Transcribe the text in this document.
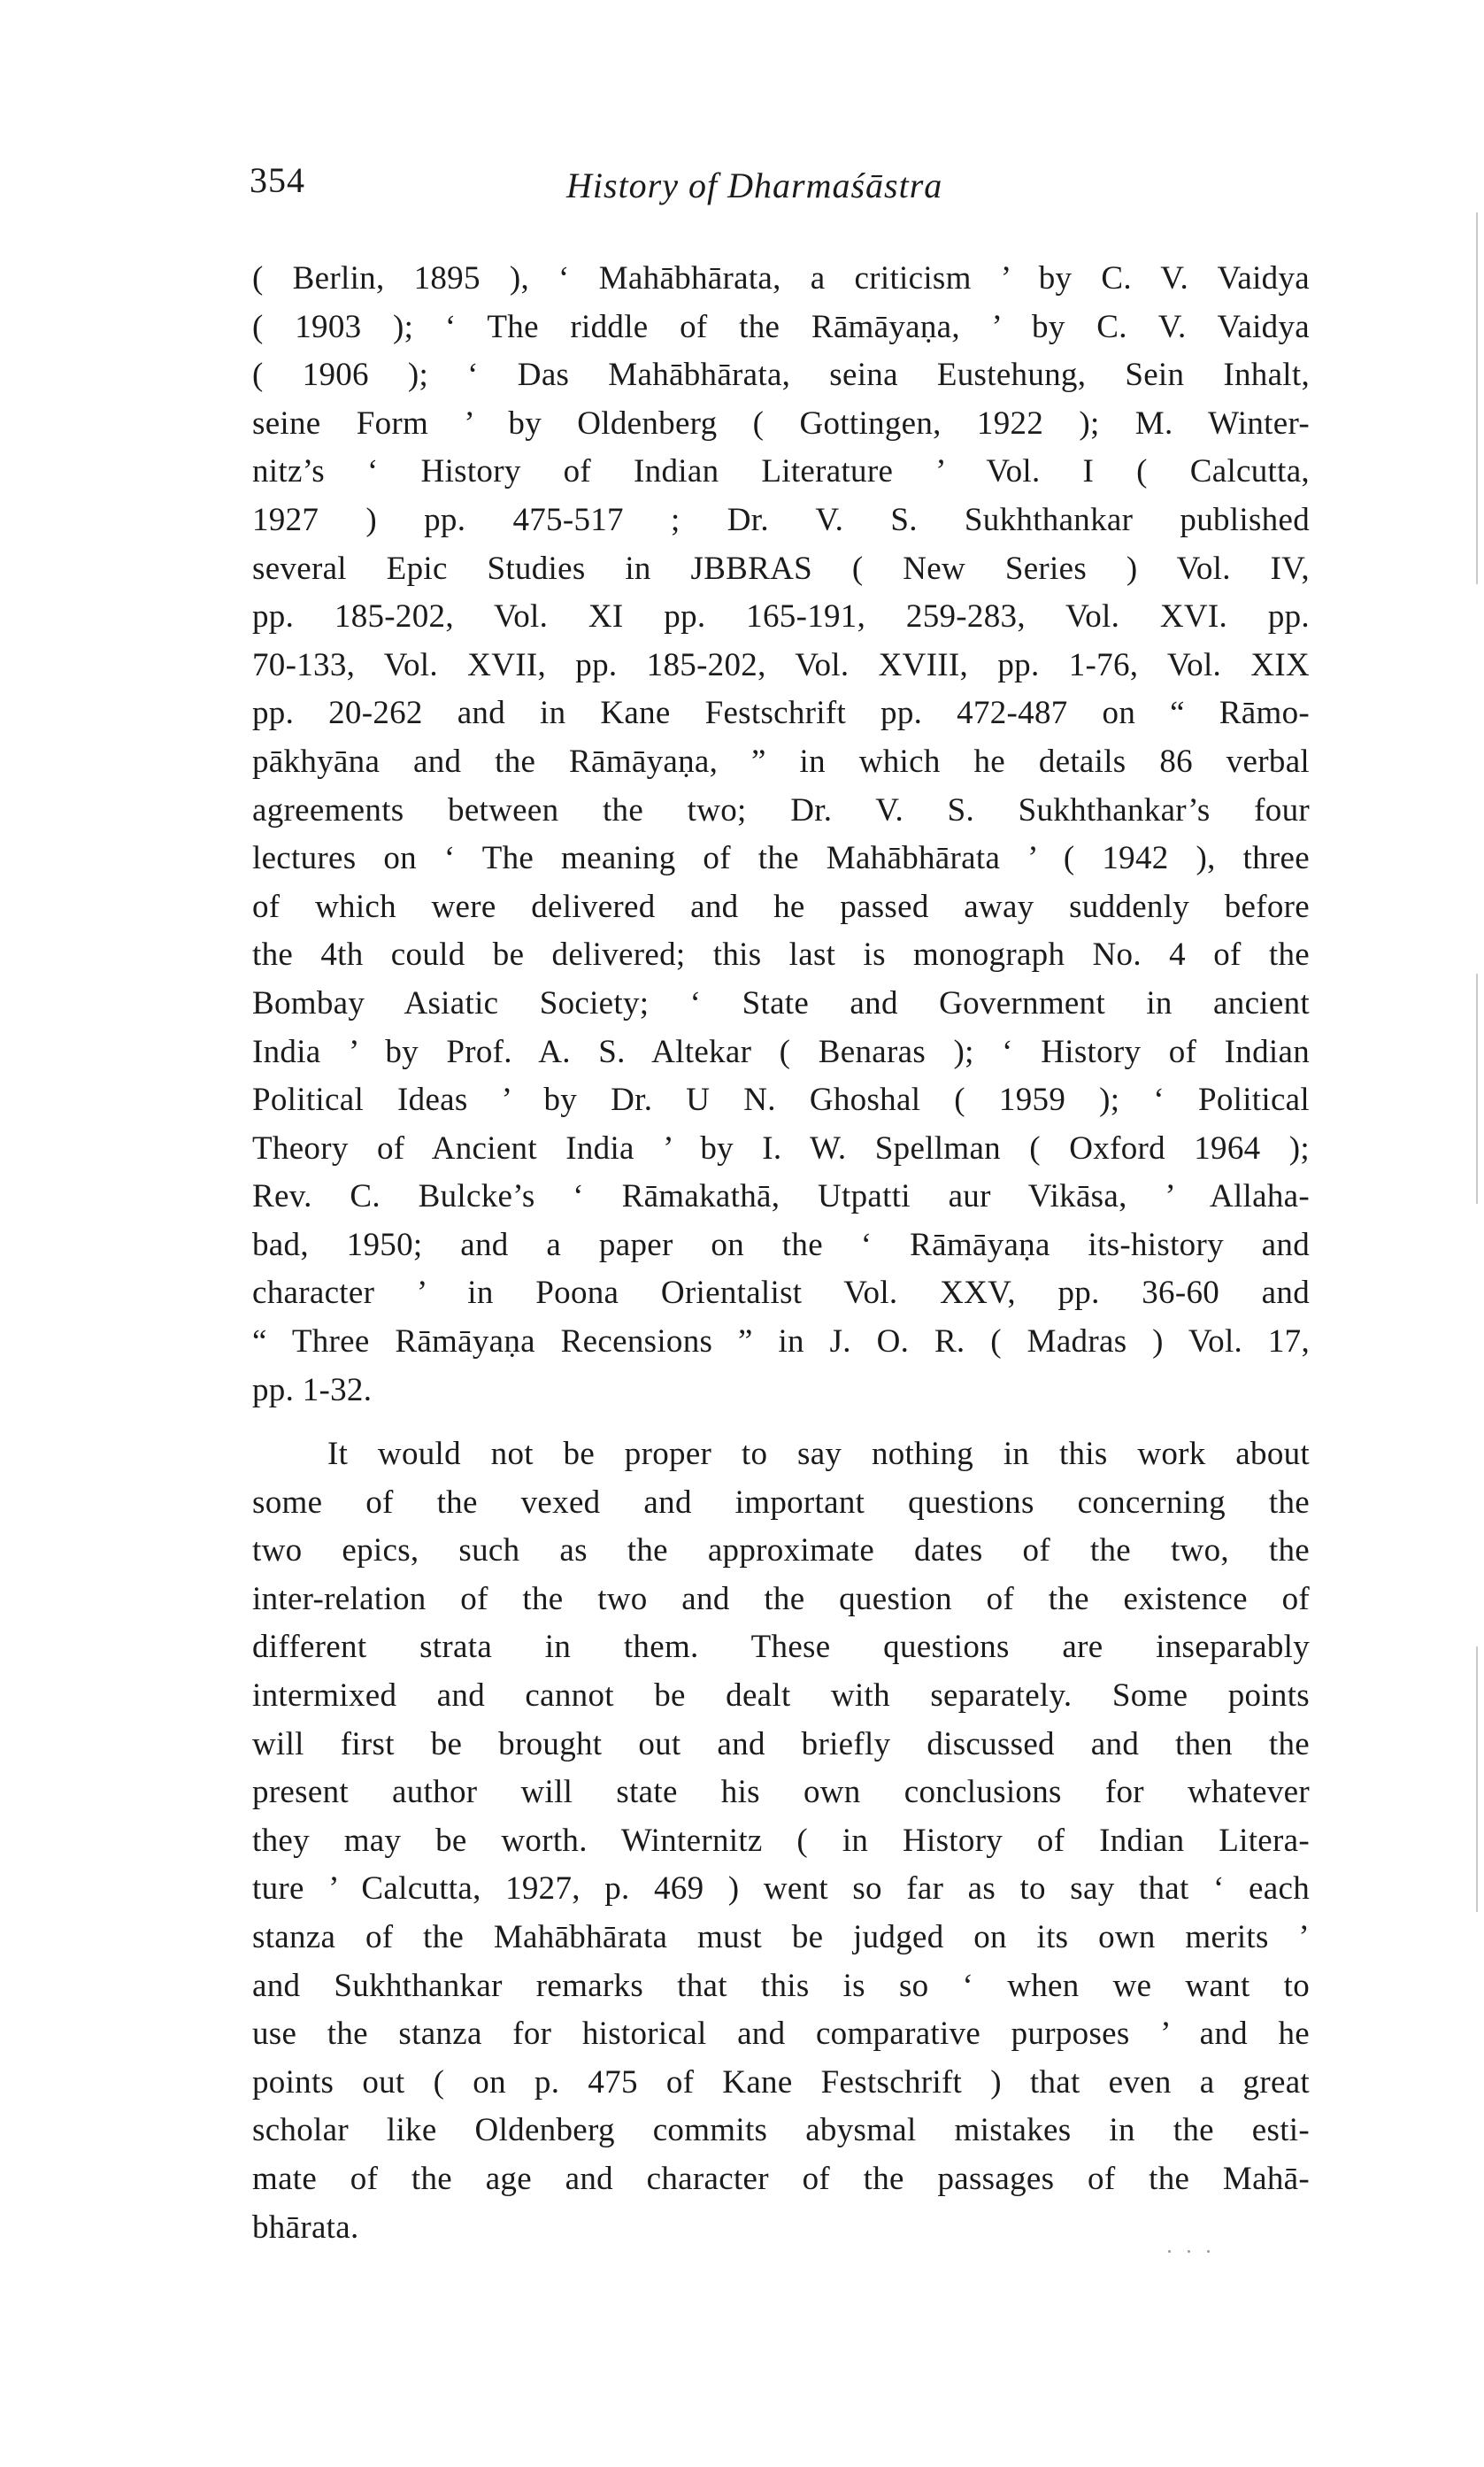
354	History of Dharmaśāstra
( Berlin, 1895 ), ‘ Mahābhārata, a criticism ’ by C. V. Vaidya
( 1903 ); ‘ The riddle of the Rāmāyaṇa, ’ by C. V. Vaidya
( 1906 ); ‘ Das Mahābhārata, seina Eustehung, Sein Inhalt,
seine Form ’ by Oldenberg ( Gottingen, 1922 ); M. Winter-
nitz’s ‘ History of Indian Literature ’ Vol. I ( Calcutta,
1927 ) pp. 475-517 ; Dr. V. S. Sukhthankar published
several Epic Studies in JBBRAS ( New Series ) Vol. IV,
pp. 185-202, Vol. XI pp. 165-191, 259-283, Vol. XVI. pp.
70-133, Vol. XVII, pp. 185-202, Vol. XVIII, pp. 1-76, Vol. XIX
pp. 20-262 and in Kane Festschrift pp. 472-487 on “ Rāmo-
pākhyāna and the Rāmāyaṇa, ” in which he details 86 verbal
agreements between the two; Dr. V. S. Sukhthankar’s four
lectures on ‘ The meaning of the Mahābhārata ’ ( 1942 ), three
of which were delivered and he passed away suddenly before
the 4th could be delivered; this last is monograph No. 4 of the
Bombay Asiatic Society; ‘ State and Government in ancient
India ’ by Prof. A. S. Altekar ( Benaras ); ‘ History of Indian
Political Ideas ’ by Dr. U N. Ghoshal ( 1959 ); ‘ Political
Theory of Ancient India ’ by I. W. Spellman ( Oxford 1964 );
Rev. C. Bulcke’s ‘ Rāmakathā, Utpatti aur Vikāsa, ’ Allaha-
bad, 1950; and a paper on the ‘ Rāmāyaṇa its-history and
character ’ in Poona Orientalist Vol. XXV, pp. 36-60 and
“ Three Rāmāyaṇa Recensions ” in J. O. R. ( Madras ) Vol. 17,
pp. 1-32.
It would not be proper to say nothing in this work about
some of the vexed and important questions concerning the
two epics, such as the approximate dates of the two, the
inter-relation of the two and the question of the existence of
different strata in them. These questions are inseparably
intermixed and cannot be dealt with separately. Some points
will first be brought out and briefly discussed and then the
present author will state his own conclusions for whatever
they may be worth. Winternitz ( in History of Indian Litera-
ture ’ Calcutta, 1927, p. 469 ) went so far as to say that ‘ each
stanza of the Mahābhārata must be judged on its own merits ’
and Sukhthankar remarks that this is so ‘ when we want to
use the stanza for historical and comparative purposes ’ and he
points out ( on p. 475 of Kane Festschrift ) that even a great
scholar like Oldenberg commits abysmal mistakes in the esti-
mate of the age and character of the passages of the Mahā-
bhārata.
